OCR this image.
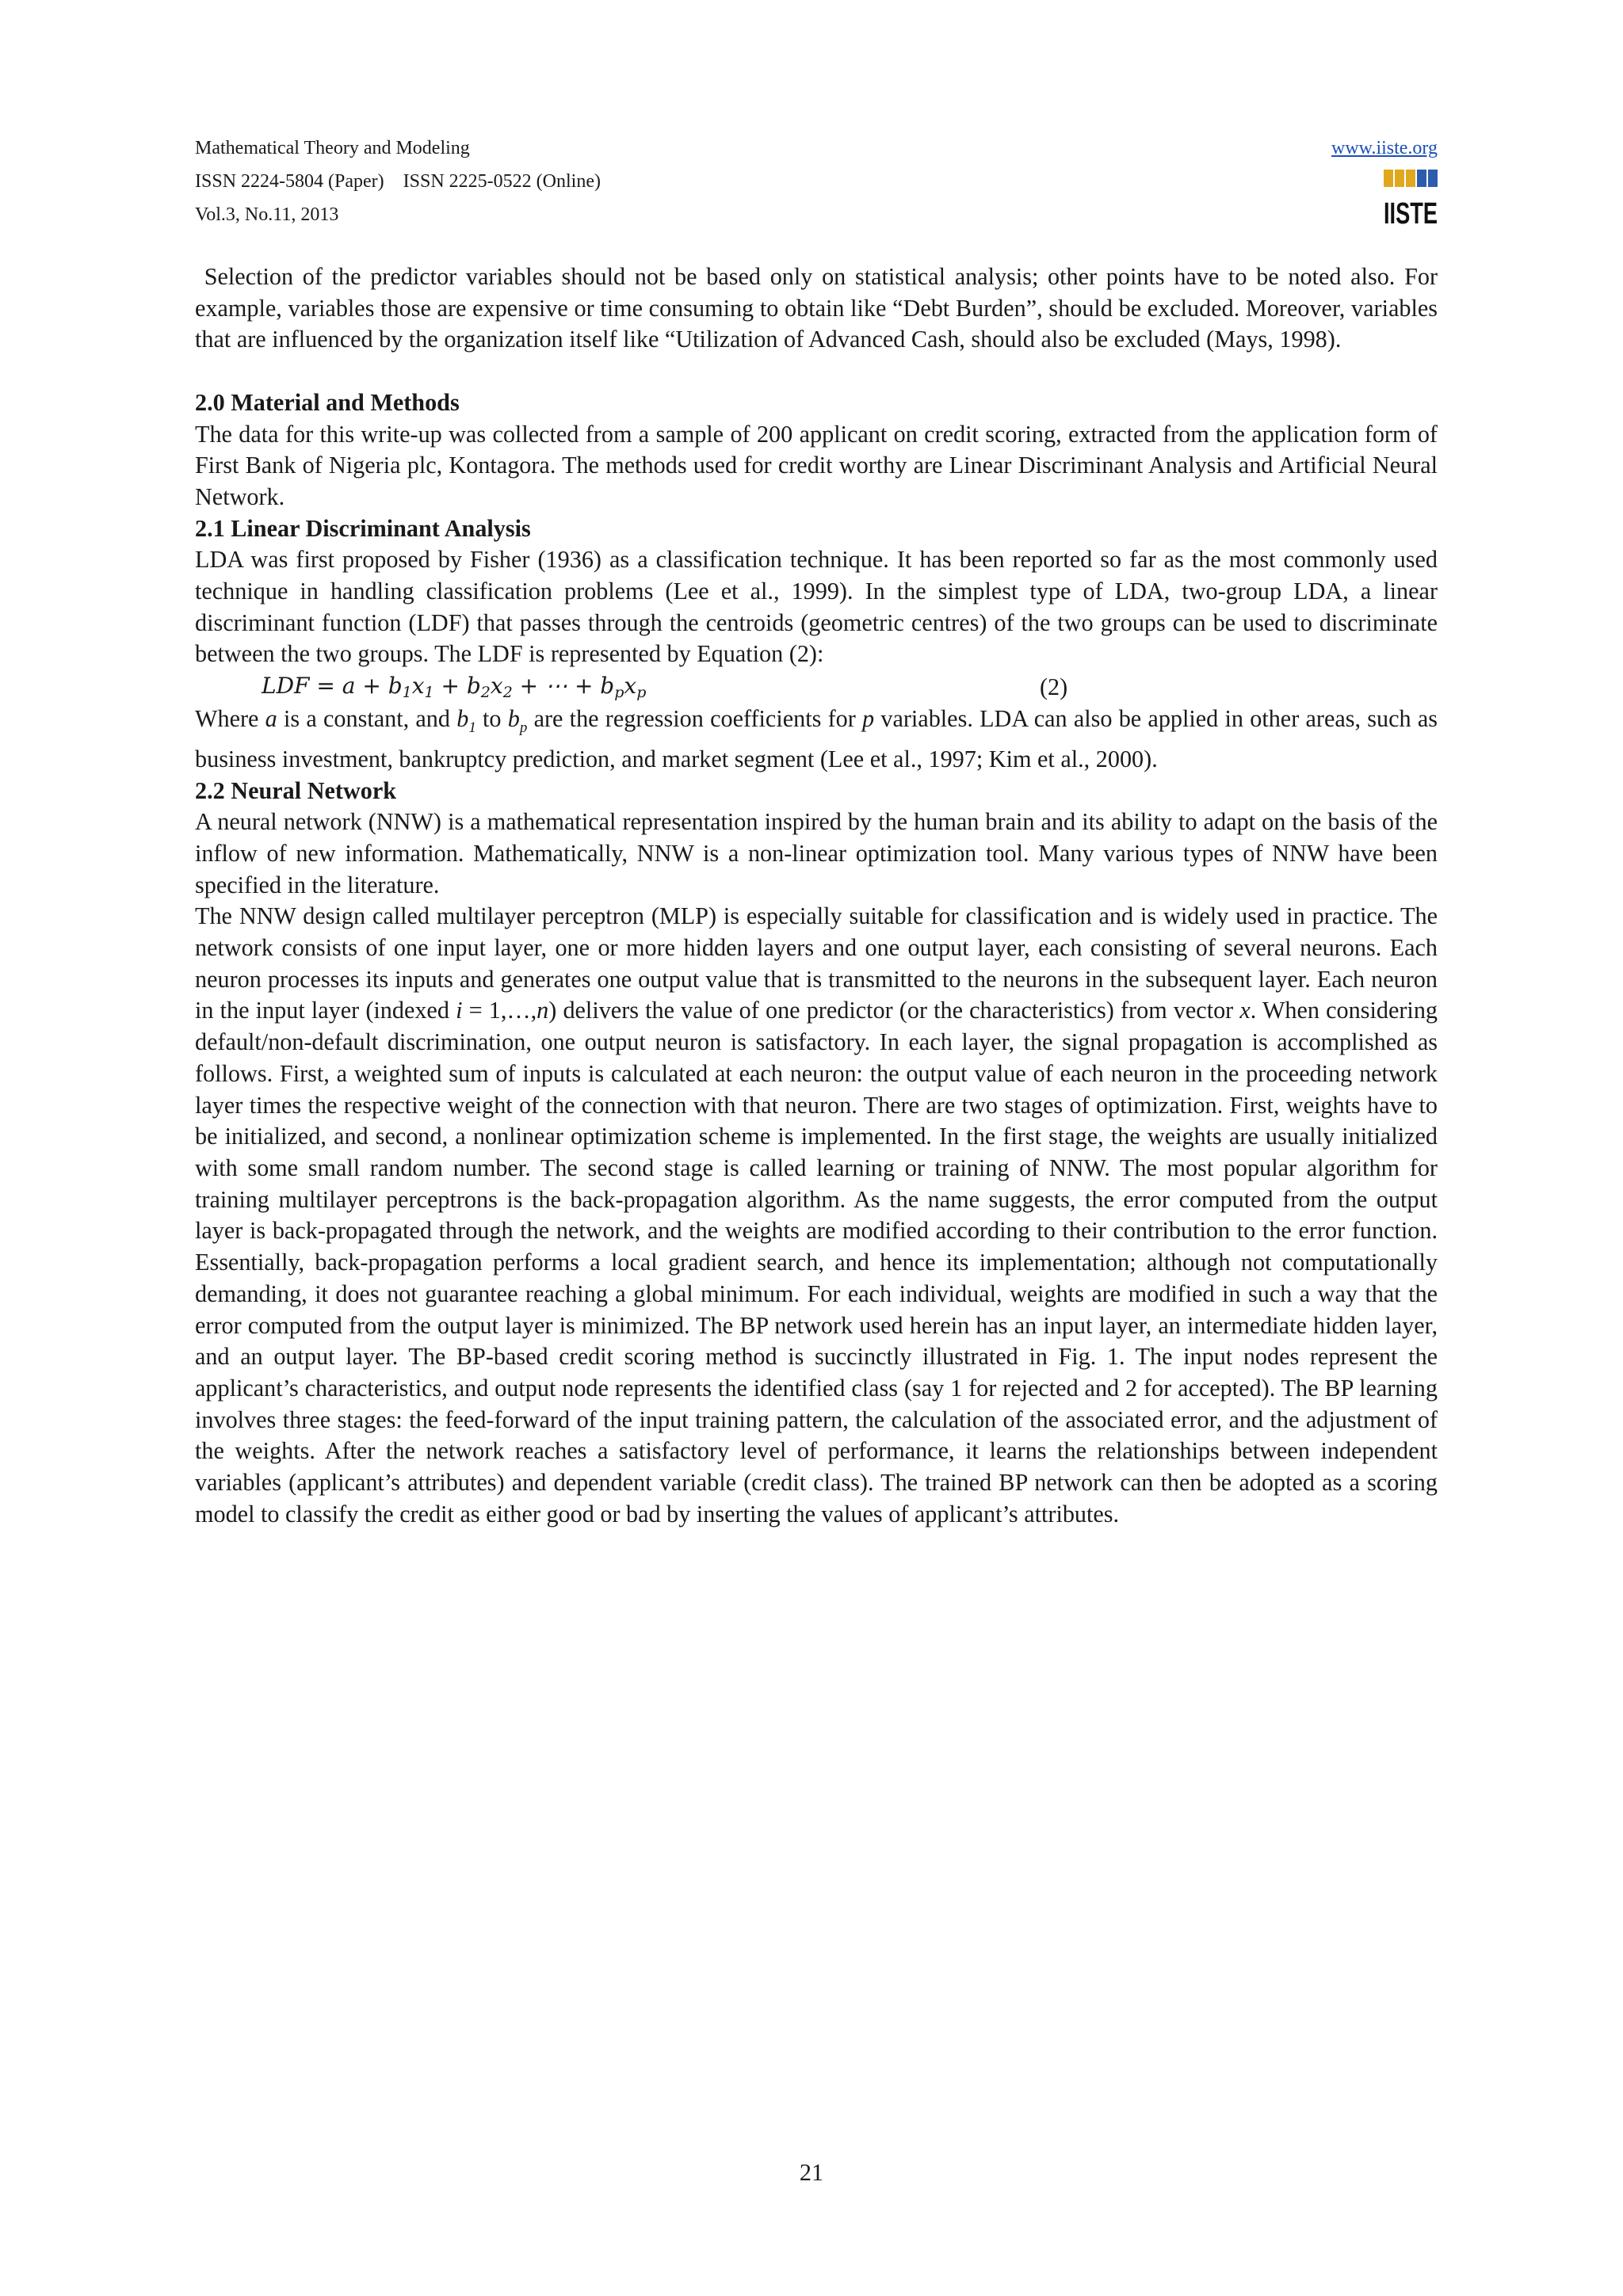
Mathematical Theory and Modeling
ISSN 2224-5804 (Paper)    ISSN 2225-0522 (Online)
Vol.3, No.11, 2013
www.iiste.org
IISTE

Selection of the predictor variables should not be based only on statistical analysis; other points have to be noted also. For example, variables those are expensive or time consuming to obtain like “Debt Burden”, should be excluded. Moreover, variables that are influenced by the organization itself like “Utilization of Advanced Cash, should also be excluded (Mays, 1998).

2.0 Material and Methods

The data for this write-up was collected from a sample of 200 applicant on credit scoring, extracted from the application form of First Bank of Nigeria plc, Kontagora. The methods used for credit worthy are Linear Discriminant Analysis and Artificial Neural Network.

2.1 Linear Discriminant Analysis

LDA was first proposed by Fisher (1936) as a classification technique. It has been reported so far as the most commonly used technique in handling classification problems (Lee et al., 1999). In the simplest type of LDA, two-group LDA, a linear discriminant function (LDF) that passes through the centroids (geometric centres) of the two groups can be used to discriminate between the two groups. The LDF is represented by Equation (2):

LDF = $a + b_1x_1 + b_2x_2$ + ⋯ + $b_px_p$	(2)

Where a is a constant, and $b_1$ to $b_p$ are the regression coefficients for p variables. LDA can also be applied in other areas, such as business investment, bankruptcy prediction, and market segment (Lee et al., 1997; Kim et al., 2000).

2.2 Neural Network

A neural network (NNW) is a mathematical representation inspired by the human brain and its ability to adapt on the basis of the inflow of new information. Mathematically, NNW is a non-linear optimization tool. Many various types of NNW have been specified in the literature.

The NNW design called multilayer perceptron (MLP) is especially suitable for classification and is widely used in practice. The network consists of one input layer, one or more hidden layers and one output layer, each consisting of several neurons. Each neuron processes its inputs and generates one output value that is transmitted to the neurons in the subsequent layer. Each neuron in the input layer (indexed i = 1,…,n) delivers the value of one predictor (or the characteristics) from vector x. When considering default/non-default discrimination, one output neuron is satisfactory. In each layer, the signal propagation is accomplished as follows. First, a weighted sum of inputs is calculated at each neuron: the output value of each neuron in the proceeding network layer times the respective weight of the connection with that neuron. There are two stages of optimization. First, weights have to be initialized, and second, a nonlinear optimization scheme is implemented. In the first stage, the weights are usually initialized with some small random number. The second stage is called learning or training of NNW. The most popular algorithm for training multilayer perceptrons is the back-propagation algorithm. As the name suggests, the error computed from the output layer is back-propagated through the network, and the weights are modified according to their contribution to the error function. Essentially, back-propagation performs a local gradient search, and hence its implementation; although not computationally demanding, it does not guarantee reaching a global minimum. For each individual, weights are modified in such a way that the error computed from the output layer is minimized. The BP network used herein has an input layer, an intermediate hidden layer, and an output layer. The BP-based credit scoring method is succinctly illustrated in Fig. 1. The input nodes represent the applicant’s characteristics, and output node represents the identified class (say 1 for rejected and 2 for accepted). The BP learning involves three stages: the feed-forward of the input training pattern, the calculation of the associated error, and the adjustment of the weights. After the network reaches a satisfactory level of performance, it learns the relationships between independent variables (applicant’s attributes) and dependent variable (credit class). The trained BP network can then be adopted as a scoring model to classify the credit as either good or bad by inserting the values of applicant’s attributes.

21
